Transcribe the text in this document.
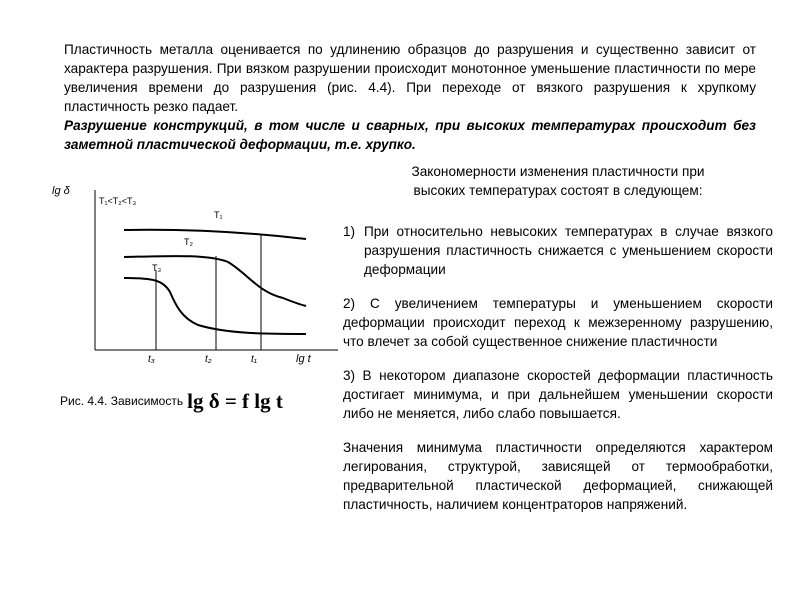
Пластичность металла оценивается по удлинению образцов до разрушения и существенно зависит от характера разрушения. При вязком разрушении происходит монотонное уменьшение пластичности по мере увеличения времени до разрушения (рис. 4.4). При переходе от вязкого разрушения к хрупкому пластичность резко падает.

Разрушение конструкций, в том числе и сварных, при высоких температурах происходит без заметной пластической деформации, т.е. хрупко.

lg δ
T₁<T₂<T₃
T₁
T₂
T₃
t₃	t₂	t₁	lg t
Рис. 4.4. Зависимость lg δ = f lg t
Закономерности изменения пластичности при
высоких температурах состоят в следующем:
1) При относительно невысоких температурах в случае вязкого разрушения пластичность снижается с уменьшением скорости деформации

2) С увеличением температуры и уменьшением скорости деформации происходит переход к межзеренному разрушению, что влечет за собой существенное снижение пластичности

3) В некотором диапазоне скоростей деформации пластичность достигает минимума, и при дальнейшем уменьшении скорости либо не меняется, либо слабо повышается.

Значения минимума пластичности определяются характером легирования, структурой, зависящей от термообработки, предварительной пластической деформацией, снижающей пластичность, наличием концентраторов напряжений.
